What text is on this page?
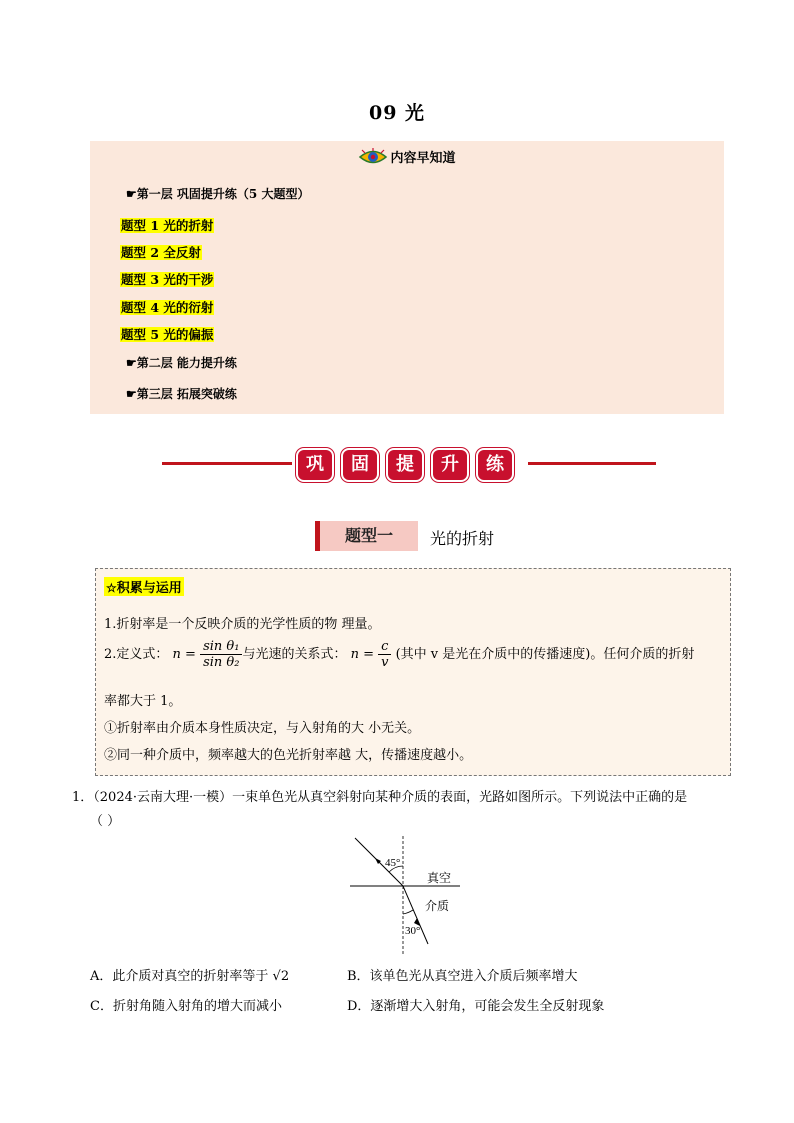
09 光
内容早知道
☛第一层 巩固提升练（5 大题型）
题型 1 光的折射
题型 2 全反射
题型 3 光的干涉
题型 4 光的衍射
题型 5 光的偏振
☛第二层 能力提升练
☛第三层 拓展突破练
巩	固	提	升	练
题型一	光的折射
☆积累与运用
1.折射率是一个反映介质的光学性质的物 理量。
2.定义式： $n = \frac{\text{sin θ₁}}{\text{sin θ₂}}$ 与光速的关系式： $n = \frac{c}{v}$ (其中 v 是光在介质中的传播速度)。任何介质的折射
率都大于 1。
①折射率由介质本身性质决定，与入射角的大 小无关。
②同一种介质中，频率越大的色光折射率越 大，传播速度越小。
1．（2024·云南大理·一模）一束单色光从真空斜射向某种介质的表面，光路如图所示。下列说法中正确的是
（ ）
45°
30°
真空
介质
A．此介质对真空的折射率等于 √2	B．该单色光从真空进入介质后频率增大
C．折射角随入射角的增大而减小	D．逐渐增大入射角，可能会发生全反射现象
